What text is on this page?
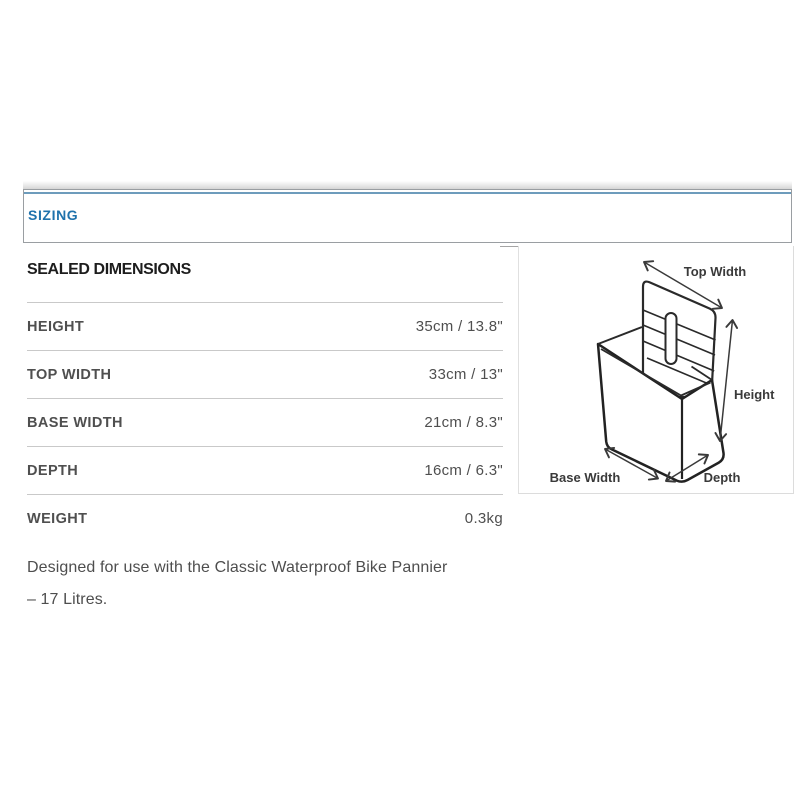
SIZING
SEALED DIMENSIONS
HEIGHT	35cm / 13.8"
TOP WIDTH	33cm / 13"
BASE WIDTH	21cm / 8.3"
DEPTH	16cm / 6.3"
WEIGHT	0.3kg
Designed for use with the Classic Waterproof Bike Pannier
– 17 Litres.
Top Width
Height
Base Width	Depth
